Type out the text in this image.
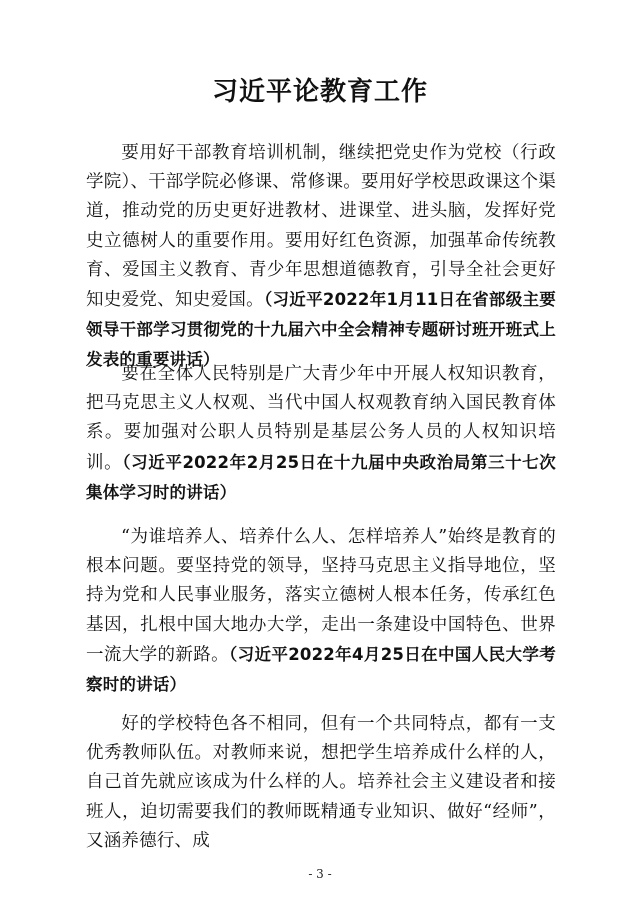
习近平论教育工作

要用好干部教育培训机制，继续把党史作为党校（行政学院）、干部学院必修课、常修课。要用好学校思政课这个渠道，推动党的历史更好进教材、进课堂、进头脑，发挥好党史立德树人的重要作用。要用好红色资源，加强革命传统教育、爱国主义教育、青少年思想道德教育，引导全社会更好知史爱党、知史爱国。（习近平2022年1月11日在省部级主要领导干部学习贯彻党的十九届六中全会精神专题研讨班开班式上发表的重要讲话）

要在全体人民特别是广大青少年中开展人权知识教育，把马克思主义人权观、当代中国人权观教育纳入国民教育体系。要加强对公职人员特别是基层公务人员的人权知识培训。（习近平2022年2月25日在十九届中央政治局第三十七次集体学习时的讲话）

“为谁培养人、培养什么人、怎样培养人”始终是教育的根本问题。要坚持党的领导，坚持马克思主义指导地位，坚持为党和人民事业服务，落实立德树人根本任务，传承红色基因，扎根中国大地办大学，走出一条建设中国特色、世界一流大学的新路。（习近平2022年4月25日在中国人民大学考察时的讲话）

好的学校特色各不相同，但有一个共同特点，都有一支优秀教师队伍。对教师来说，想把学生培养成什么样的人，自己首先就应该成为什么样的人。培养社会主义建设者和接班人，迫切需要我们的教师既精通专业知识、做好“经师”，又涵养德行、成

- 3 -
